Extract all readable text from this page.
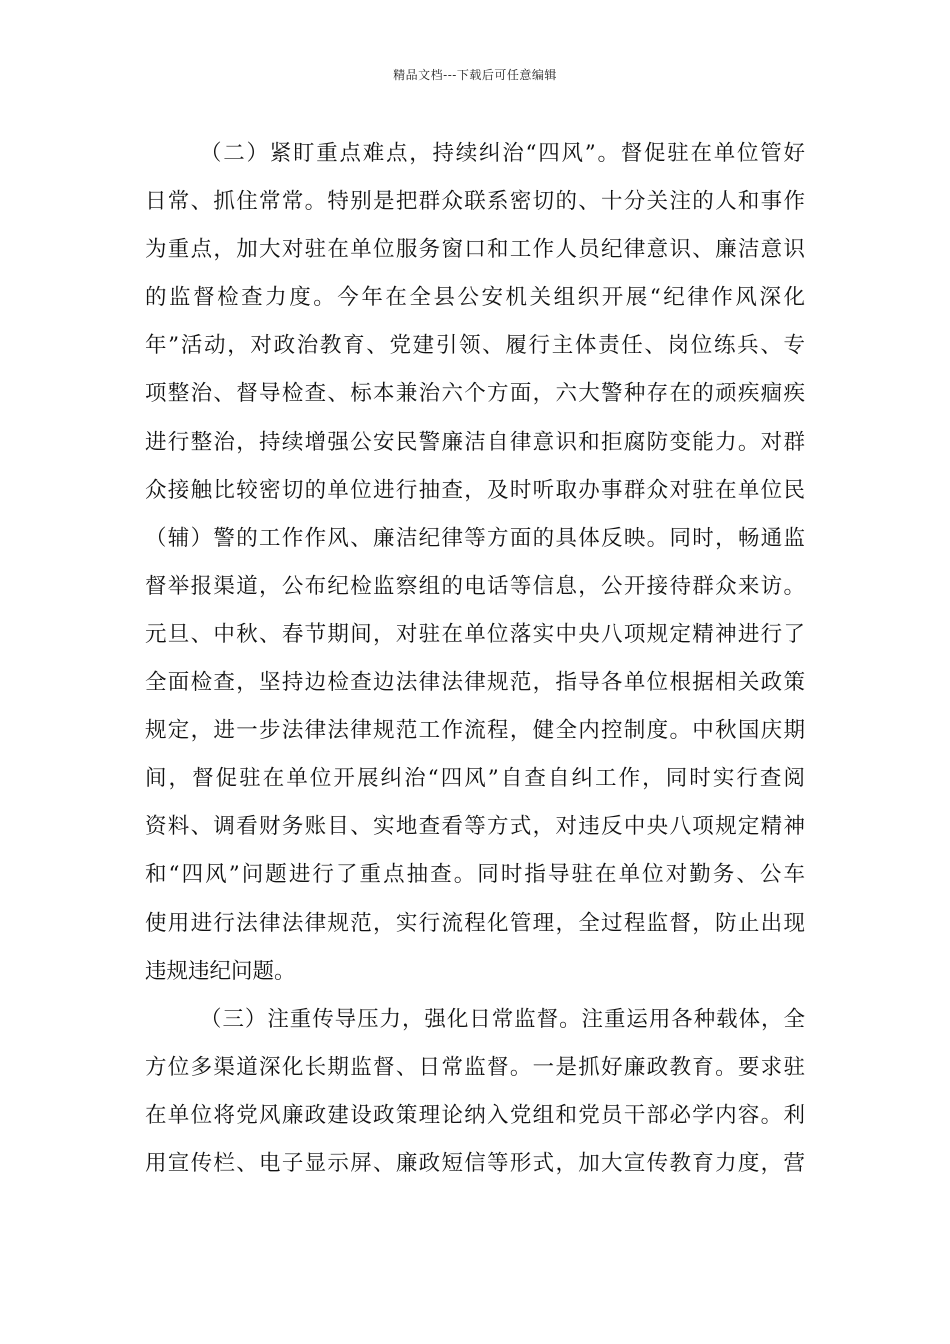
精品文档---下载后可任意编辑
（二）紧盯重点难点，持续纠治“四风”。督促驻在单位管好
日常、抓住常常。特别是把群众联系密切的、十分关注的人和事作
为重点，加大对驻在单位服务窗口和工作人员纪律意识、廉洁意识
的监督检查力度。今年在全县公安机关组织开展“纪律作风深化
年”活动，对政治教育、党建引领、履行主体责任、岗位练兵、专
项整治、督导检查、标本兼治六个方面，六大警种存在的顽疾痼疾
进行整治，持续增强公安民警廉洁自律意识和拒腐防变能力。对群
众接触比较密切的单位进行抽查，及时听取办事群众对驻在单位民
（辅）警的工作作风、廉洁纪律等方面的具体反映。同时，畅通监
督举报渠道，公布纪检监察组的电话等信息，公开接待群众来访。
元旦、中秋、春节期间，对驻在单位落实中央八项规定精神进行了
全面检查，坚持边检查边法律法律规范，指导各单位根据相关政策
规定，进一步法律法律规范工作流程，健全内控制度。中秋国庆期
间，督促驻在单位开展纠治“四风”自查自纠工作，同时实行查阅
资料、调看财务账目、实地查看等方式，对违反中央八项规定精神
和“四风”问题进行了重点抽查。同时指导驻在单位对勤务、公车
使用进行法律法律规范，实行流程化管理，全过程监督，防止出现
违规违纪问题。
（三）注重传导压力，强化日常监督。注重运用各种载体，全
方位多渠道深化长期监督、日常监督。一是抓好廉政教育。要求驻
在单位将党风廉政建设政策理论纳入党组和党员干部必学内容。利
用宣传栏、电子显示屏、廉政短信等形式，加大宣传教育力度，营
